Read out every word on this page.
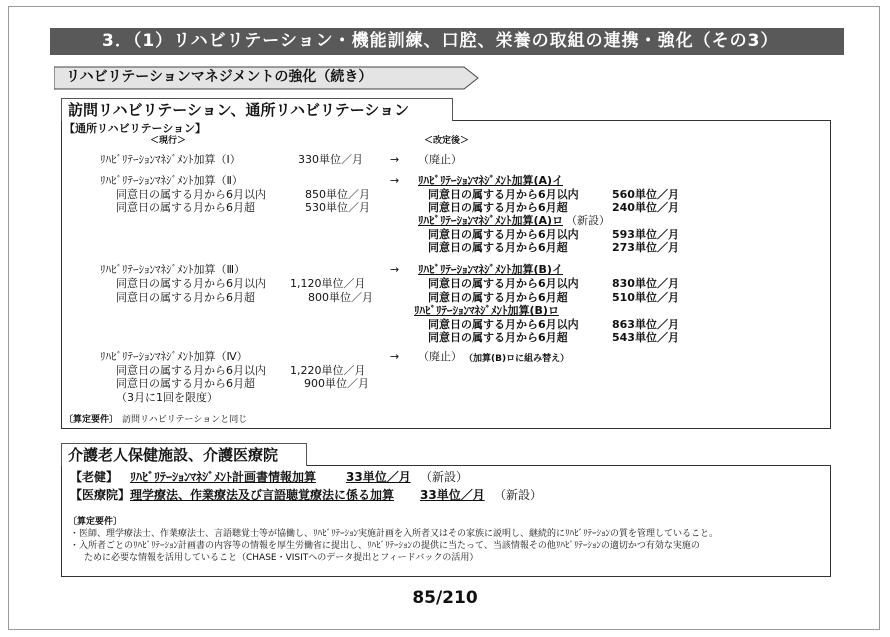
3．（1）リハビリテーション・機能訓練、口腔、栄養の取組の連携・強化（その3）
リハビリテーションマネジメントの強化（続き）
訪問リハビリテーション、通所リハビリテーション
【通所リハビリテーション】
＜現行＞	＜改定後＞
ﾘﾊﾋﾞﾘﾃｰｼｮﾝﾏﾈｼﾞﾒﾝﾄ加算（Ⅰ）	330単位／月 → （廃止）
ﾘﾊﾋﾞﾘﾃｰｼｮﾝﾏﾈｼﾞﾒﾝﾄ加算（Ⅱ）
同意日の属する月から6月以内	850単位／月
同意日の属する月から6月超	530単位／月
→ ﾘﾊﾋﾞﾘﾃｰｼｮﾝﾏﾈｼﾞﾒﾝﾄ加算(A)イ
同意日の属する月から6月以内	560単位／月
同意日の属する月から6月超	240単位／月
ﾘﾊﾋﾞﾘﾃｰｼｮﾝﾏﾈｼﾞﾒﾝﾄ加算(A)ロ （新設）
同意日の属する月から6月以内	593単位／月
同意日の属する月から6月超	273単位／月
ﾘﾊﾋﾞﾘﾃｰｼｮﾝﾏﾈｼﾞﾒﾝﾄ加算（Ⅲ）
同意日の属する月から6月以内 1,120単位／月
同意日の属する月から6月超	800単位／月
→ ﾘﾊﾋﾞﾘﾃｰｼｮﾝﾏﾈｼﾞﾒﾝﾄ加算(B)イ
同意日の属する月から6月以内	830単位／月
同意日の属する月から6月超	510単位／月
ﾘﾊﾋﾞﾘﾃｰｼｮﾝﾏﾈｼﾞﾒﾝﾄ加算(B)ロ
同意日の属する月から6月以内	863単位／月
同意日の属する月から6月超	543単位／月
ﾘﾊﾋﾞﾘﾃｰｼｮﾝﾏﾈｼﾞﾒﾝﾄ加算（Ⅳ）
同意日の属する月から6月以内 1,220単位／月
同意日の属する月から6月超	900単位／月
（3月に1回を限度）
→ （廃止） （加算(B)ロに組み替え）
〔算定要件〕 訪問リハビリテーションと同じ
介護老人保健施設、介護医療院
【老健】 ﾘﾊﾋﾞﾘﾃｰｼｮﾝﾏﾈｼﾞﾒﾝﾄ計画書情報加算 33単位／月 （新設）
【医療院】 理学療法、作業療法及び言語聴覚療法に係る加算 33単位／月 （新設）
〔算定要件〕
・医師、理学療法士、作業療法士、言語聴覚士等が協働し、ﾘﾊﾋﾞﾘﾃｰｼｮﾝ実施計画を入所者又はその家族に説明し、継続的にﾘﾊﾋﾞﾘﾃｰｼｮﾝの質を管理していること。
・入所者ごとのﾘﾊﾋﾞﾘﾃｰｼｮﾝ計画書の内容等の情報を厚生労働省に提出し、ﾘﾊﾋﾞﾘﾃｰｼｮﾝの提供に当たって、当該情報その他ﾘﾊﾋﾞﾘﾃｰｼｮﾝの適切かつ有効な実施の
ために必要な情報を活用していること（CHASE・VISITへのデータ提出とフィードバックの活用）
85/210
